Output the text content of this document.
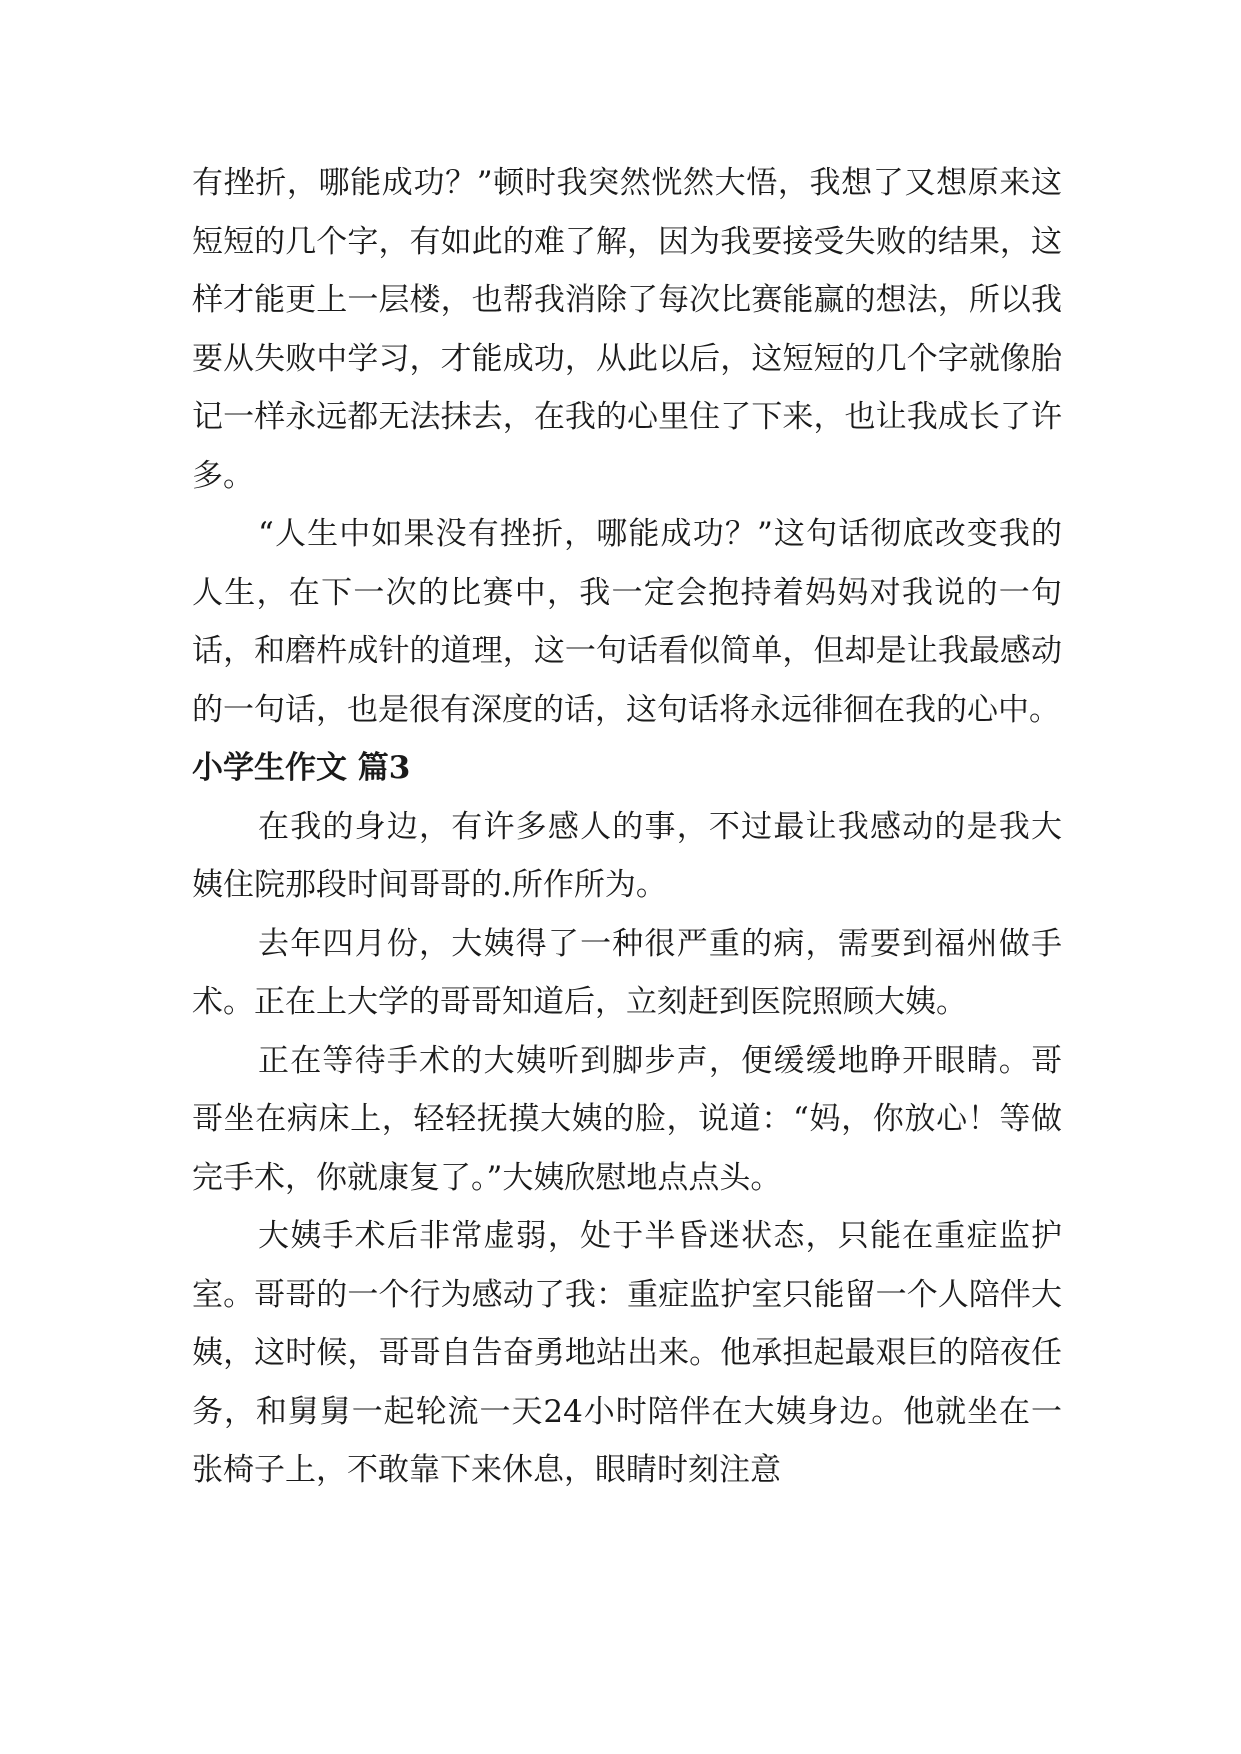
有挫折，哪能成功？”顿时我突然恍然大悟，我想了又想原来这短短的几个字，有如此的难了解，因为我要接受失败的结果，这样才能更上一层楼，也帮我消除了每次比赛能赢的想法，所以我要从失败中学习，才能成功，从此以后，这短短的几个字就像胎记一样永远都无法抹去，在我的心里住了下来，也让我成长了许多。

“人生中如果没有挫折，哪能成功？”这句话彻底改变我的人生，在下一次的比赛中，我一定会抱持着妈妈对我说的一句话，和磨杵成针的道理，这一句话看似简单，但却是让我最感动的一句话，也是很有深度的话，这句话将永远徘徊在我的心中。

小学生作文 篇3

在我的身边，有许多感人的事，不过最让我感动的是我大姨住院那段时间哥哥的.所作所为。

去年四月份，大姨得了一种很严重的病，需要到福州做手术。正在上大学的哥哥知道后，立刻赶到医院照顾大姨。

正在等待手术的大姨听到脚步声，便缓缓地睁开眼睛。哥哥坐在病床上，轻轻抚摸大姨的脸，说道：“妈，你放心！等做完手术，你就康复了。”大姨欣慰地点点头。

大姨手术后非常虚弱，处于半昏迷状态，只能在重症监护室。哥哥的一个行为感动了我：重症监护室只能留一个人陪伴大姨，这时候，哥哥自告奋勇地站出来。他承担起最艰巨的陪夜任务，和舅舅一起轮流一天24小时陪伴在大姨身边。他就坐在一张椅子上，不敢靠下来休息，眼睛时刻注意
